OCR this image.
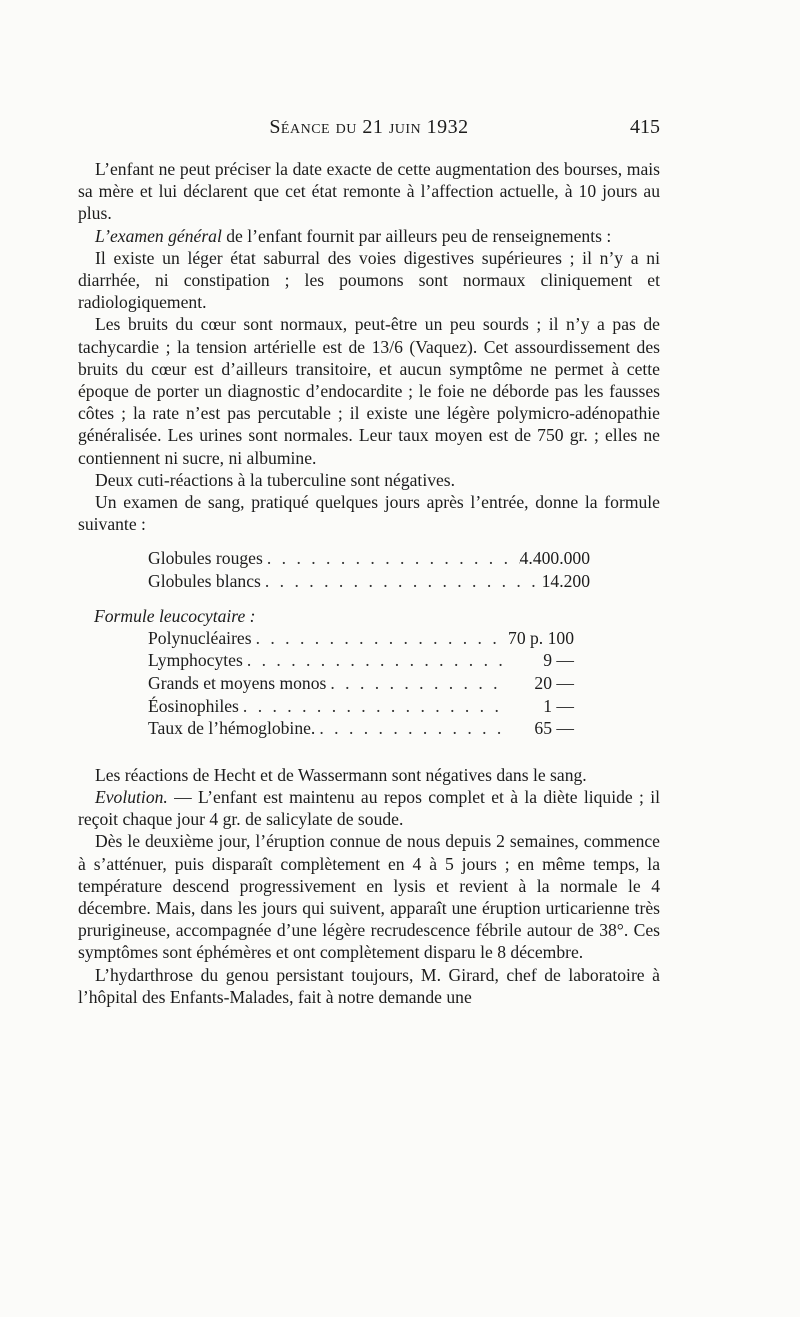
Séance du 21 juin 1932	415

L’enfant ne peut préciser la date exacte de cette augmentation des bourses, mais sa mère et lui déclarent que cet état remonte à l’affection actuelle, à 10 jours au plus.

L’examen général de l’enfant fournit par ailleurs peu de renseignements :

Il existe un léger état saburral des voies digestives supérieures ; il n’y a ni diarrhée, ni constipation ; les poumons sont normaux cliniquement et radiologiquement.

Les bruits du cœur sont normaux, peut-être un peu sourds ; il n’y a pas de tachycardie ; la tension artérielle est de 13/6 (Vaquez). Cet assourdissement des bruits du cœur est d’ailleurs transitoire, et aucun symptôme ne permet à cette époque de porter un diagnostic d’endocardite ; le foie ne déborde pas les fausses côtes ; la rate n’est pas percutable ; il existe une légère polymicro-adénopathie généralisée. Les urines sont normales. Leur taux moyen est de 750 gr. ; elles ne contiennent ni sucre, ni albumine.

Deux cuti-réactions à la tuberculine sont négatives.

Un examen de sang, pratiqué quelques jours après l’entrée, donne la formule suivante :

Globules rouges . . .	4.400.000
Globules blancs . . .	14.200

Formule leucocytaire :

Polynucléaires . . .	70 p. 100
Lymphocytes . . .	9 —
Grands et moyens monos . . .	20 —
Éosinophiles . . .	1 —
Taux de l’hémoglobine. . . .	65 —

Les réactions de Hecht et de Wassermann sont négatives dans le sang.

Evolution. — L’enfant est maintenu au repos complet et à la diète liquide ; il reçoit chaque jour 4 gr. de salicylate de soude.

Dès le deuxième jour, l’éruption connue de nous depuis 2 semaines, commence à s’atténuer, puis disparaît complètement en 4 à 5 jours ; en même temps, la température descend progressivement en lysis et revient à la normale le 4 décembre. Mais, dans les jours qui suivent, apparaît une éruption urticarienne très prurigineuse, accompagnée d’une légère recrudescence fébrile autour de 38°. Ces symptômes sont éphémères et ont complètement disparu le 8 décembre.

L’hydarthrose du genou persistant toujours, M. Girard, chef de laboratoire à l’hôpital des Enfants-Malades, fait à notre demande une
